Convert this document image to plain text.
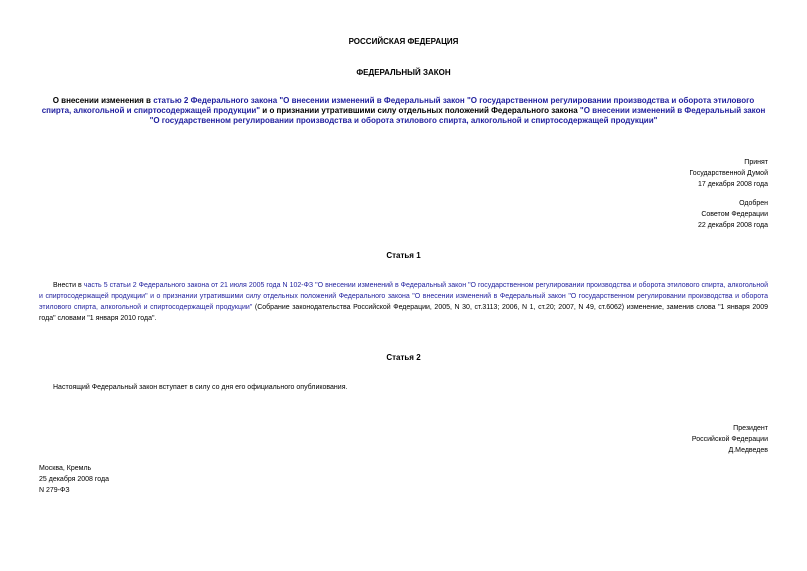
РОССИЙСКАЯ ФЕДЕРАЦИЯ
ФЕДЕРАЛЬНЫЙ ЗАКОН
О внесении изменения в статью 2 Федерального закона "О внесении изменений в Федеральный закон "О государственном регулировании производства и оборота этилового спирта, алкогольной и спиртосодержащей продукции" и о признании утратившими силу отдельных положений Федерального закона "О внесении изменений в Федеральный закон "О государственном регулировании производства и оборота этилового спирта, алкогольной и спиртосодержащей продукции"
Принят
Государственной Думой
17 декабря 2008 года
Одобрен
Советом Федерации
22 декабря 2008 года
Статья 1
Внести в часть 5 статьи 2 Федерального закона от 21 июля 2005 года N 102-ФЗ "О внесении изменений в Федеральный закон "О государственном регулировании производства и оборота этилового спирта, алкогольной и спиртосодержащей продукции" и о признании утратившими силу отдельных положений Федерального закона "О внесении изменений в Федеральный закон "О государственном регулировании производства и оборота этилового спирта, алкогольной и спиртосодержащей продукции" (Собрание законодательства Российской Федерации, 2005, N 30, ст.3113; 2006, N 1, ст.20; 2007, N 49, ст.6062) изменение, заменив слова "1 января 2009 года" словами "1 января 2010 года".
Статья 2
Настоящий Федеральный закон вступает в силу со дня его официального опубликования.
Президент
Российской Федерации
Д.Медведев
Москва, Кремль
25 декабря 2008 года
N 279-ФЗ
